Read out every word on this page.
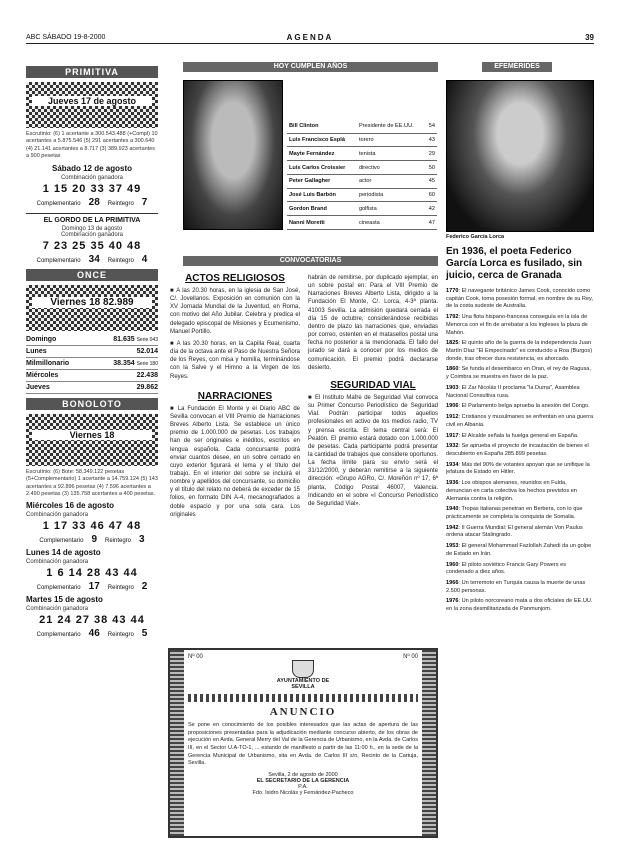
ABC SÁBADO 19-8-2000	AGENDA	39
PRIMITIVA
Jueves 17 de agosto
Escrutinio: (6) 1 acertante a 300.543.488 (+Compl) 10 acertantes a 5.875.546 (5) 291 acertantes a 300.640 (4) 21.141 acertantes a 8.717 (3) 389.923 acertantes a 900 pesetas
Sábado 12 de agosto
Combinación ganadora
1 15 20 33 37 49
Complementario 28 Reintegro 7
EL GORDO DE LA PRIMITIVA
Domingo 13 de agosto
Combinación ganadora
7 23 25 35 40 48
Complementario 34 Reintegro 4
ONCE
Viernes 18 82.989
Domingo	81.635 Serie 043
Lunes	52.014
Milmillonario	38.354 Serie 180
Miércoles	22.438
Jueves	29.862
BONOLOTO
Viernes 18
Escrutinio: (6) Bote: 58.349.122 pesetas (5+Complementario) 1 acertante a 14.759.124 (5) 143 acertantes a 92.896 pesetas (4) 7.596 acertantes a 2.490 pesetas (3) 135.758 acertantes a 400 pesetas.
Miércoles 16 de agosto
Combinación ganadora
1 17 33 46 47 48
Complementario 9 Reintegro 3
Lunes 14 de agosto
Combinación ganadora
1 6 14 28 43 44
Complementario 17 Reintegro 2
Martes 15 de agosto
Combinación ganadora
21 24 27 38 43 44
Complementario 46 Reintegro 5
HOY CUMPLEN AÑOS
Bill Clinton	Presidente de EE.UU.	54
Luis Francisco Esplá	torero	43
Mayte Fernández	tenista	29
Luis Carlos Croissier	directivo	50
Peter Gallagher	actor	45
José Luis Barbón	periodista	60
Gordon Brand	golfista	42
Nanni Moretti	cineasta	47
CONVOCATORIAS
ACTOS RELIGIOSOS

■ A las 20.30 horas, en la iglesia de San José, C/. Jovellanos. Exposición en comunión con la XV Jornada Mundial de la Juventud, en Roma, con motivo del Año Jubilar. Celebra y predica el delegado episcopal de Misiones y Ecumenismo, Manuel Portillo.

■ A las 20.30 horas, en la Capilla Real, cuarta día de la octava ante el Paso de Nuestra Señora de los Reyes, con misa y homilía, terminándose con la Salve y el Himno a la Virgen de los Reyes.

NARRACIONES

■ La Fundación El Monte y el Diario ABC de Sevilla convocan el VIII Premio de Narraciones Breves Alberto Lista. Se establece un único premio de 1.000.000 de pesetas. Los trabajos han de ser originales e inéditos, escritos en lengua española. Cada concursante podrá enviar cuantos desee, en un sobre cerrado en cuyo exterior figurará el lema y el título del trabajo. En el interior del sobre se incluirá el nombre y apellidos del concursante, su domicilio y el título del relato no deberá de exceder de 15 folios, en formato DIN A-4, mecanografiados a doble espacio y por una sola cara. Los originales

habrán de remitirse, por duplicado ejemplar, en un sobre postal en: Para el VIII Premio de Narraciones Breves Alberto Lista, dirigido a la Fundación El Monte, C/. Lorca, 4-3ª planta. 41003 Sevilla. La admisión quedará cerrada el día 15 de octubre, considerándose recibidas dentro de plazo las narraciones que, enviadas por correo, ostenten en el matasellos postal una fecha no posterior a la mencionada. El fallo del jurado se dará a conocer por los medios de comunicación. El premio podrá declararse desierto.

SEGURIDAD VIAL

■ El Instituto Mafre de Seguridad Vial convoca su Primer Concurso Periodístico de Seguridad Vial. Podrán participar todos aquellos profesionales en activo de los medios radio, TV y prensa escrita. El tema central será: El Peatón. El premio estará dotado con 1.000.000 de pesetas. Cada participante podrá presentar la cantidad de trabajos que considere oportunos. La fecha límite para su envío será el 31/12/2000, y deberán remitirse a la siguiente dirección: «Grupo AGRo, C/. Moreñón nº 17, 6ª planta, Código Postal 46007, Valencia. Indicando en el sobre «I Concurso Periodístico de Seguridad Vial».

Nº 00	Nº 00
AYUNTAMIENTO DE
SEVILLA
ANUNCIO

Se pone en conocimiento de los posibles interesados que las actas de apertura de las proposiciones presentadas para la adjudicación mediante concurso abierto, de los obras de ejecución en Avda. General Merry del Val de la Gerencia de Urbanismo, en la Avda. de Carlos III, en el Sector U.A-TO-1, ... estando de manifiesto a partir de las 11:00 h., en la sede de la Gerencia Municipal de Urbanismo, sita en Avda. de Carlos III s/n, Recinto de la Cartuja, Sevilla.

Sevilla, 2 de agosto de 2000
EL SECRETARIO DE LA GERENCIA
P.A.
Fdo. Isidro Nicolás y Fernández-Pacheco
EFEMÉRIDES
Federico García Lorca
En 1936, el poeta Federico García Lorca es fusilado, sin juicio, cerca de Granada

1770: El navegante británico James Cook, conocido como capitán Cook, toma posesión formal, en nombre de su Rey, de la costa sudeste de Australia.

1792: Una flota hispano-francesa conseguía en la isla de Menorca con el fin de arrebatar a los ingleses la plaza de Mahón.

1825: El quinto año de la guerra de la independencia Juan Martín Díaz "El Empecinado" es conducido a Roa (Burgos) donde, tras ofrecer dura resistencia, es ahorcado.

1860: Se funda el desembarco en Oran, el rey de Ragusa, y Coimbra se muestra en favor de la paz.

1903: El Zar Nicolás II proclama "la Duma", Asamblea Nacional Consultiva rusa.

1906: El Parlamento belga aprueba la anexión del Congo.

1912: Cristianos y musulmanes se enfrentan en una guerra civil en Albania.

1917: El Alcalde señala la huelga general en España.

1932: Se aprueba el proyecto de incautación de bienes el descubierto en España 285.899 pesetas.

1934: Más del 90% de votantes apoyan que se unifique la jefatura de Estado en Hitler.

1936: Los obispos alemanes, reunidos en Fulda, denuncian en carta colectiva los hechos previstos en Alemania contra la religión.

1940: Tropas italianas penetran en Berbera, con lo que prácticamente se completa la conquista de Somalia.

1942: II Guerra Mundial: El general alemán Von Paulus ordena atacar Stalingrado.

1953: El general Mohammad Fazlollah Zahedi da un golpe de Estado en Irán.

1960: El piloto soviético Francis Gary Powers es condenado a diez años.

1966: Un terremoto en Turquía causa la muerte de unas 2.500 personas.

1976: Un piloto norcoreano mata a dos oficiales de EE.UU. en la zona desmilitarizada de Panmunjom.
